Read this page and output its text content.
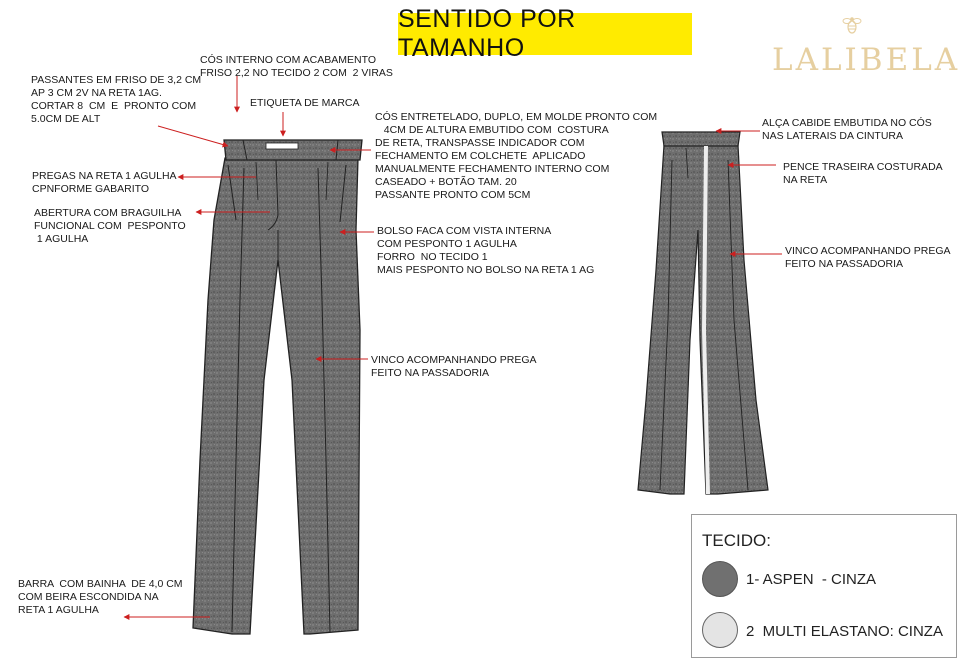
SENTIDO POR TAMANHO	LALIBELA
PASSANTES EM FRISO DE 3,2 CM
AP 3 CM 2V NA RETA 1AG.
CORTAR 8  CM  E  PRONTO COM
5.0CM DE ALT
CÓS INTERNO COM ACABAMENTO
FRISO 2,2 NO TECIDO 2 COM  2 VIRAS
ETIQUETA DE MARCA
CÓS ENTRETELADO, DUPLO, EM MOLDE PRONTO COM
4CM DE ALTURA EMBUTIDO COM  COSTURA
DE RETA, TRANSPASSE INDICADOR COM
FECHAMENTO EM COLCHETE  APLICADO
MANUALMENTE FECHAMENTO INTERNO COM
CASEADO + BOTÃO TAM. 20
PASSANTE PRONTO COM 5CM
PREGAS NA RETA 1 AGULHA
CPNFORME GABARITO
ABERTURA COM BRAGUILHA
FUNCIONAL COM  PESPONTO
1 AGULHA
BOLSO FACA COM VISTA INTERNA
COM PESPONTO 1 AGULHA
FORRO  NO TECIDO 1
MAIS PESPONTO NO BOLSO NA RETA 1 AG
VINCO ACOMPANHANDO PREGA
FEITO NA PASSADORIA
BARRA  COM BAINHA  DE 4,0 CM
COM BEIRA ESCONDIDA NA
RETA 1 AGULHA
ALÇA CABIDE EMBUTIDA NO CÓS
NAS LATERAIS DA CINTURA
PENCE TRASEIRA COSTURADA
NA RETA
VINCO ACOMPANHANDO PREGA
FEITO NA PASSADORIA
TECIDO:
1- ASPEN  - CINZA
2  MULTI ELASTANO: CINZA
